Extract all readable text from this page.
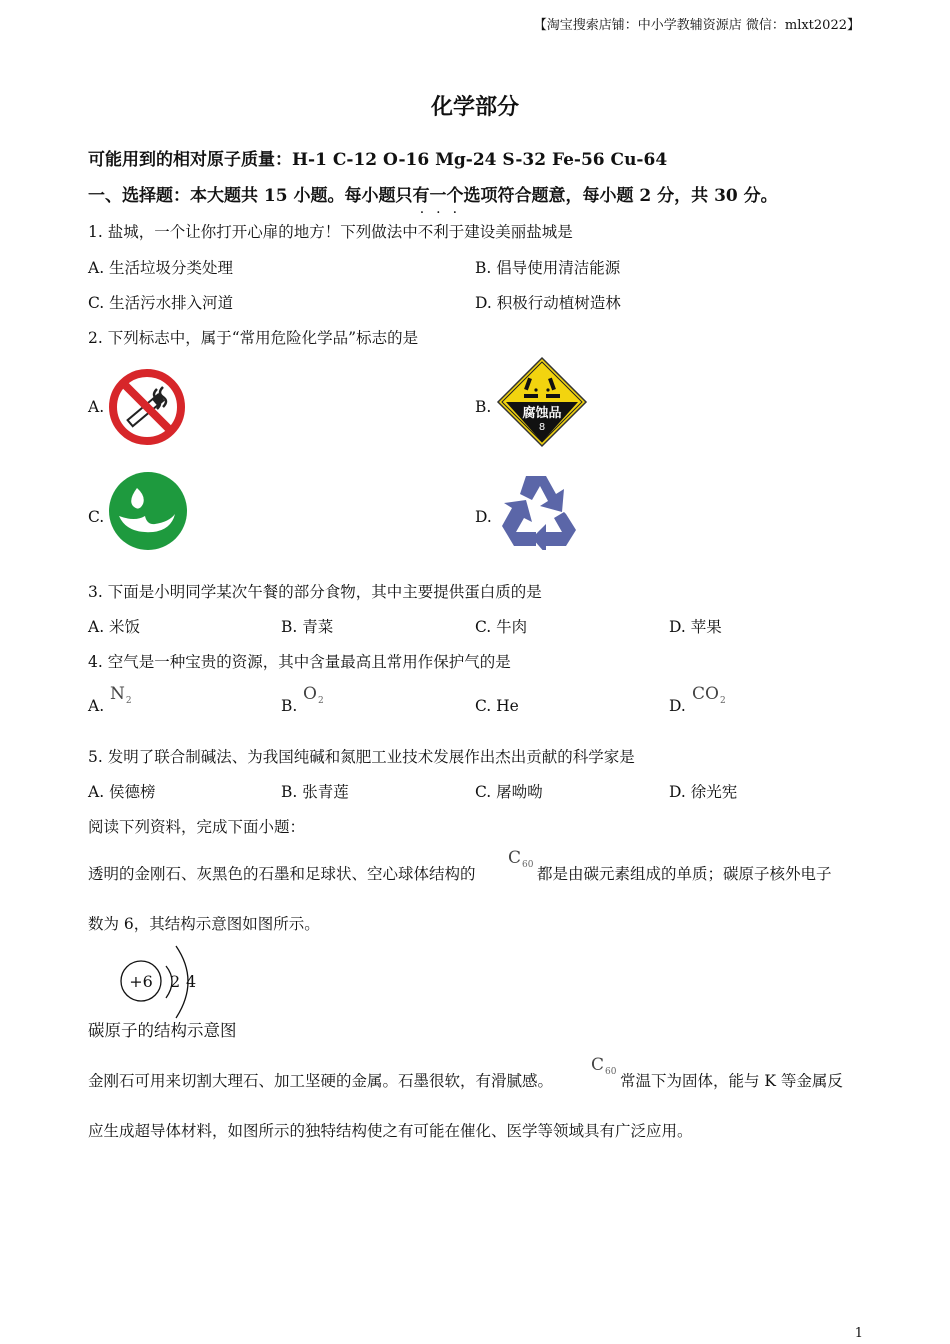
【淘宝搜索店铺：中小学教辅资源店 微信：mlxt2022】
化学部分
可能用到的相对原子质量：H-1 C-12 O-16 Mg-24 S-32 Fe-56 Cu-64
一、选择题：本大题共 15 小题。每小题只有一个选项符合题意，每小题 2 分，共 30 分。
1. 盐城，一个让你打开心扉的地方！下列做法中
···
不利于建设美丽盐城是
A. 生活垃圾分类处理	B. 倡导使用清洁能源
C. 生活污水排入河道	D. 积极行动植树造林
2. 下列标志中，属于“常用危险化学品”标志的是
A.	B.	腐蚀品
8
C.	D.
3. 下面是小明同学某次午餐的部分食物，其中主要提供蛋白质的是
A. 米饭	B. 青菜	C. 牛肉	D. 苹果
4. 空气是一种宝贵的资源，其中含量最高且常用作保护气的是
A.
$N_2$	B.
$O_2$	C. He	D.
$CO_2$
5. 发明了联合制碱法、为我国纯碱和氮肥工业技术发展作出杰出贡献的科学家是
A. 侯德榜	B. 张青莲	C. 屠呦呦	D. 徐光宪
阅读下列资料，完成下面小题：
透明的金刚石、灰黑色的石墨和足球状、空心球体结构的
$C_{60}$ 都是由碳元素组成的单质；碳原子核外电子
数为 6，其结构示意图如图所示。
+6	2 4
碳原子的结构示意图
金刚石可用来切割大理石、加工坚硬的金属。石墨很软，有滑腻感。
$C_{60}$ 常温下为固体，能与 K 等金属反
应生成超导体材料，如图所示的独特结构使之有可能在催化、医学等领域具有广泛应用。
1
